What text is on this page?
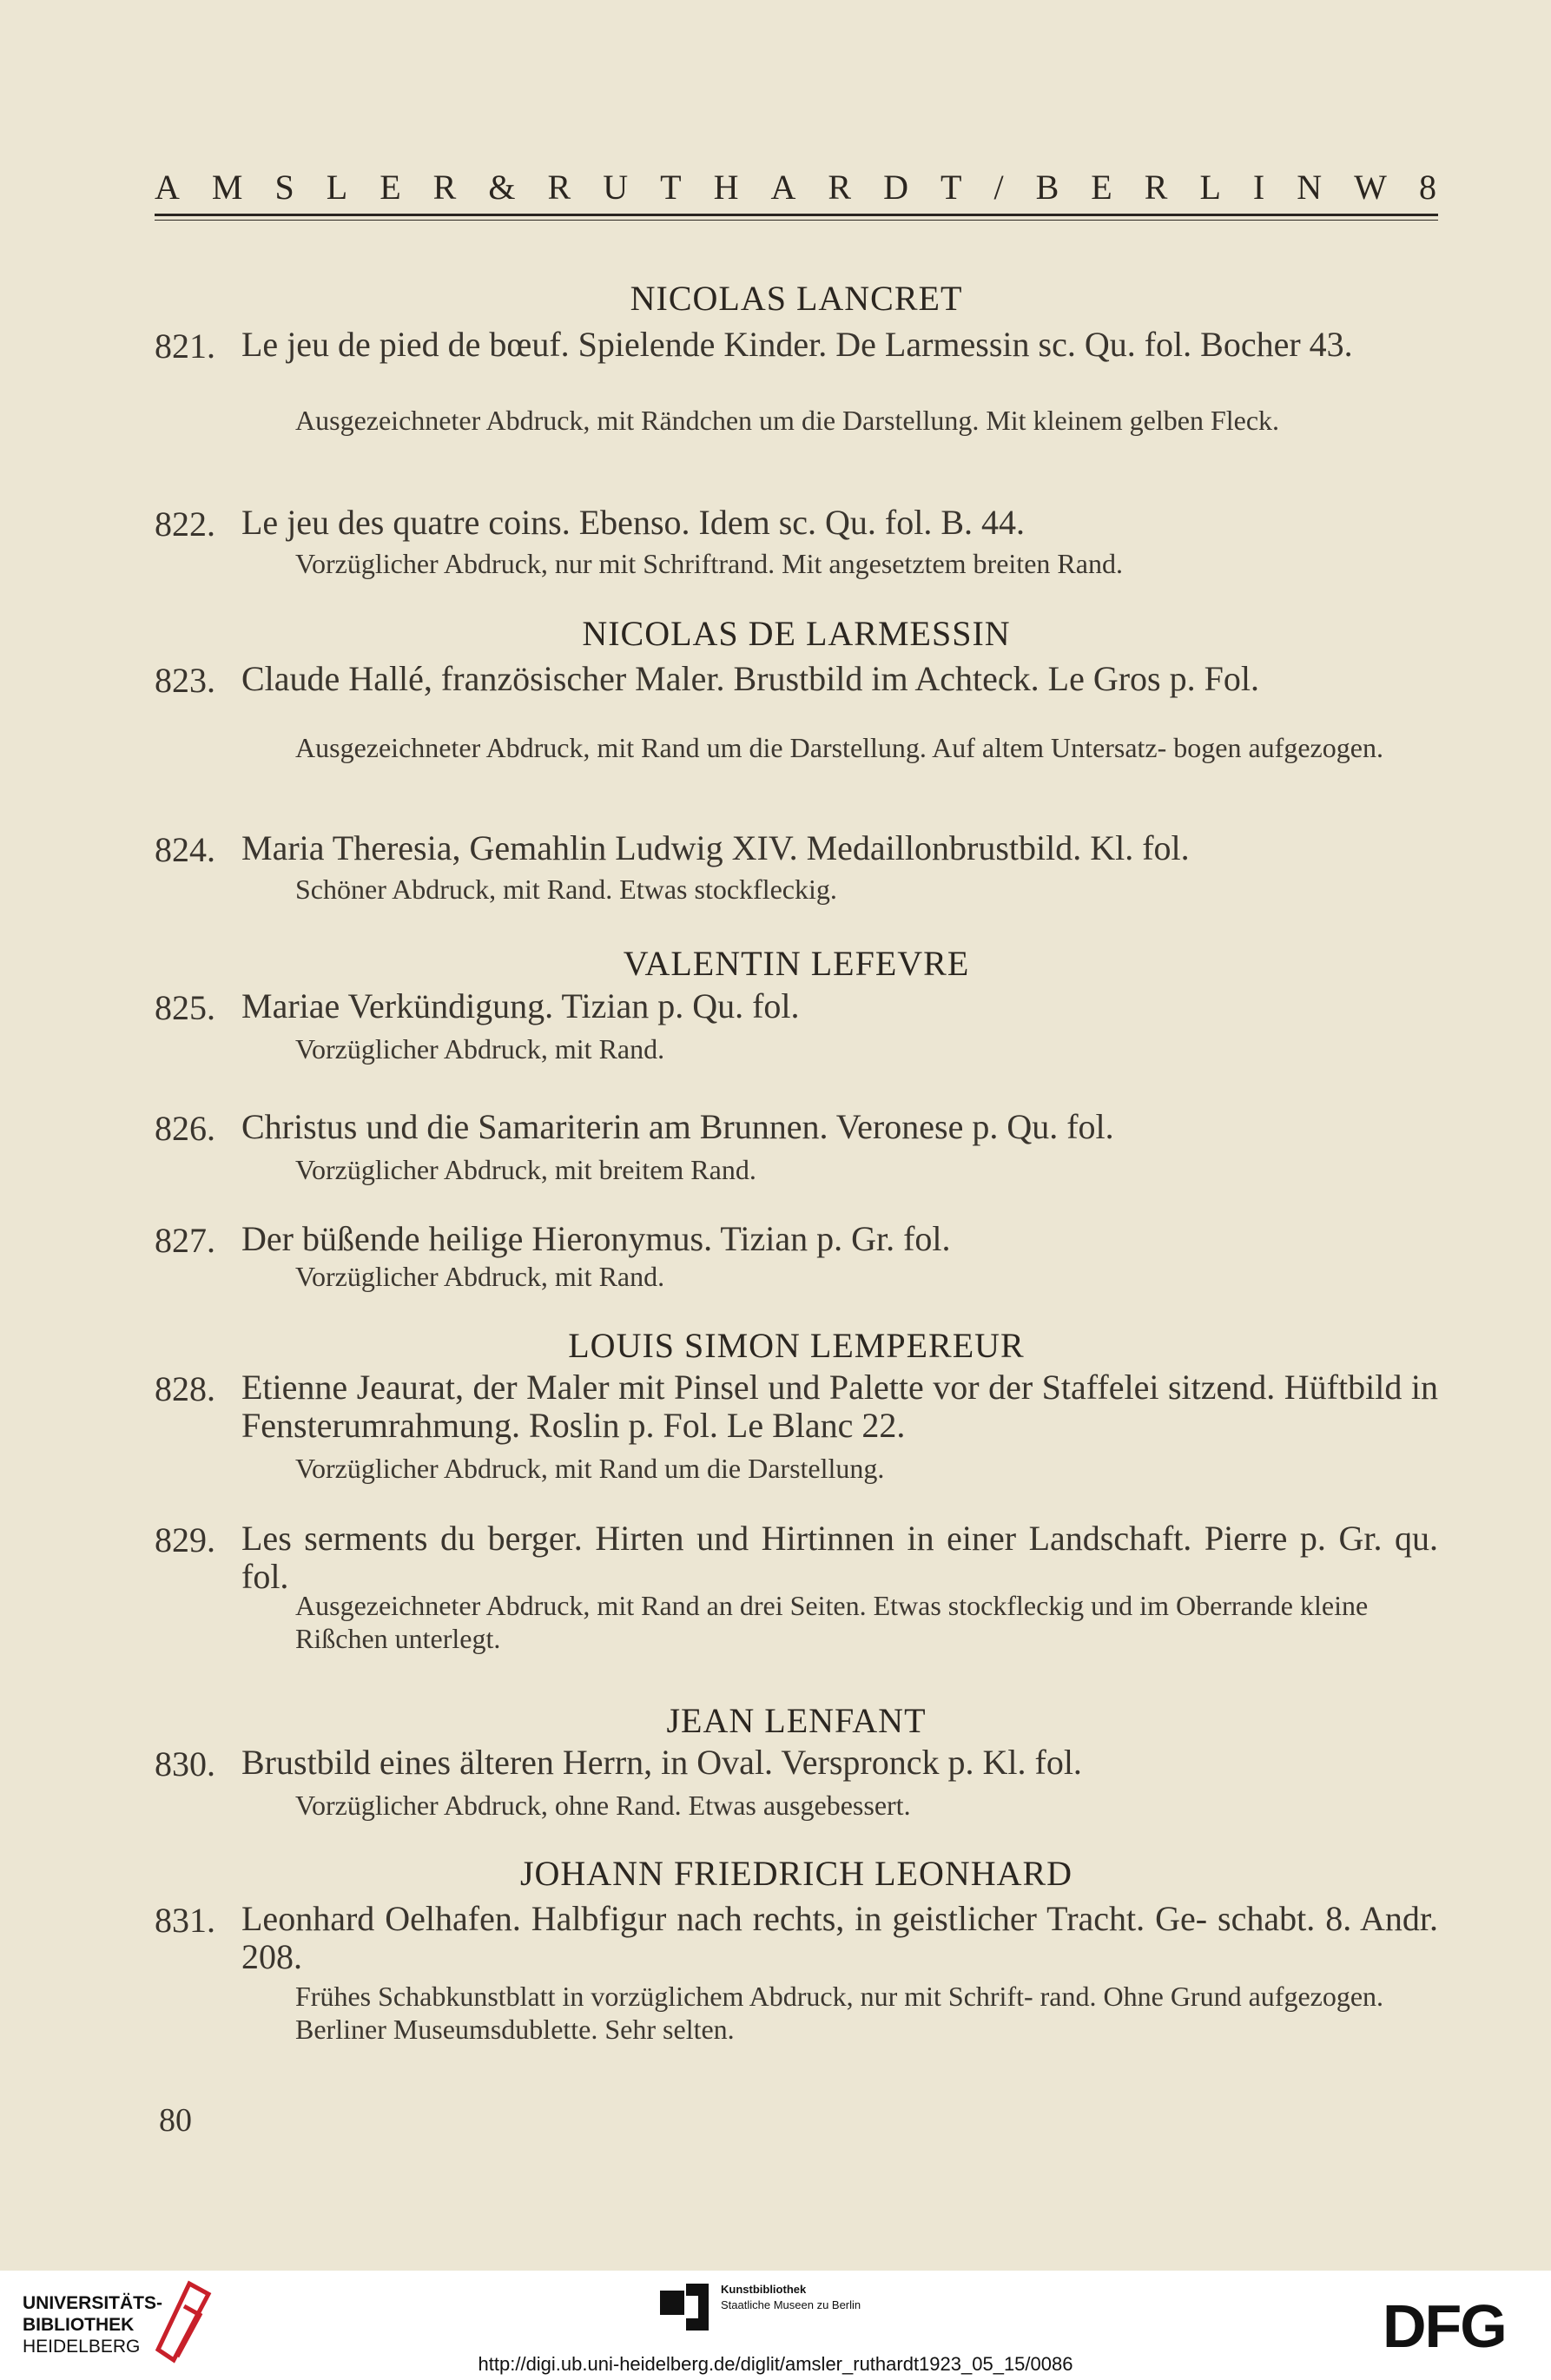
A M S L E R & R U T H A R D T / B E R L I N W 8
NICOLAS LANCRET
821. Le jeu de pied de bœuf. Spielende Kinder. De Larmessin sc. Qu. fol. Bocher 43.
Ausgezeichneter Abdruck, mit Rändchen um die Darstellung. Mit kleinem gelben Fleck.
822. Le jeu des quatre coins. Ebenso. Idem sc. Qu. fol. B. 44.
Vorzüglicher Abdruck, nur mit Schriftrand. Mit angesetztem breiten Rand.
NICOLAS DE LARMESSIN
823. Claude Hallé, französischer Maler. Brustbild im Achteck. Le Gros p. Fol.
Ausgezeichneter Abdruck, mit Rand um die Darstellung. Auf altem Untersatz- bogen aufgezogen.
824. Maria Theresia, Gemahlin Ludwig XIV. Medaillonbrustbild. Kl. fol.
Schöner Abdruck, mit Rand. Etwas stockfleckig.
VALENTIN LEFEVRE
825. Mariae Verkündigung. Tizian p. Qu. fol.
Vorzüglicher Abdruck, mit Rand.
826. Christus und die Samariterin am Brunnen. Veronese p. Qu. fol.
Vorzüglicher Abdruck, mit breitem Rand.
827. Der büßende heilige Hieronymus. Tizian p. Gr. fol.
Vorzüglicher Abdruck, mit Rand.
LOUIS SIMON LEMPEREUR
828. Etienne Jeaurat, der Maler mit Pinsel und Palette vor der Staffelei sitzend. Hüftbild in Fensterumrahmung. Roslin p. Fol. Le Blanc 22.
Vorzüglicher Abdruck, mit Rand um die Darstellung.
829. Les serments du berger. Hirten und Hirtinnen in einer Landschaft. Pierre p. Gr. qu. fol.
Ausgezeichneter Abdruck, mit Rand an drei Seiten. Etwas stockfleckig und im Oberrande kleine Rißchen unterlegt.
JEAN LENFANT
830. Brustbild eines älteren Herrn, in Oval. Verspronck p. Kl. fol.
Vorzüglicher Abdruck, ohne Rand. Etwas ausgebessert.
JOHANN FRIEDRICH LEONHARD
831. Leonhard Oelhafen. Halbfigur nach rechts, in geistlicher Tracht. Ge- schabt. 8. Andr. 208.
Frühes Schabkunstblatt in vorzüglichem Abdruck, nur mit Schrift- rand. Ohne Grund aufgezogen. Berliner Museumsdublette. Sehr selten.
80
UNIVERSITÄTS-
BIBLIOTHEK
HEIDELBERG
Kunstbibliothek
Staatliche Museen zu Berlin	DFG
http://digi.ub.uni-heidelberg.de/diglit/amsler_ruthardt1923_05_15/0086
